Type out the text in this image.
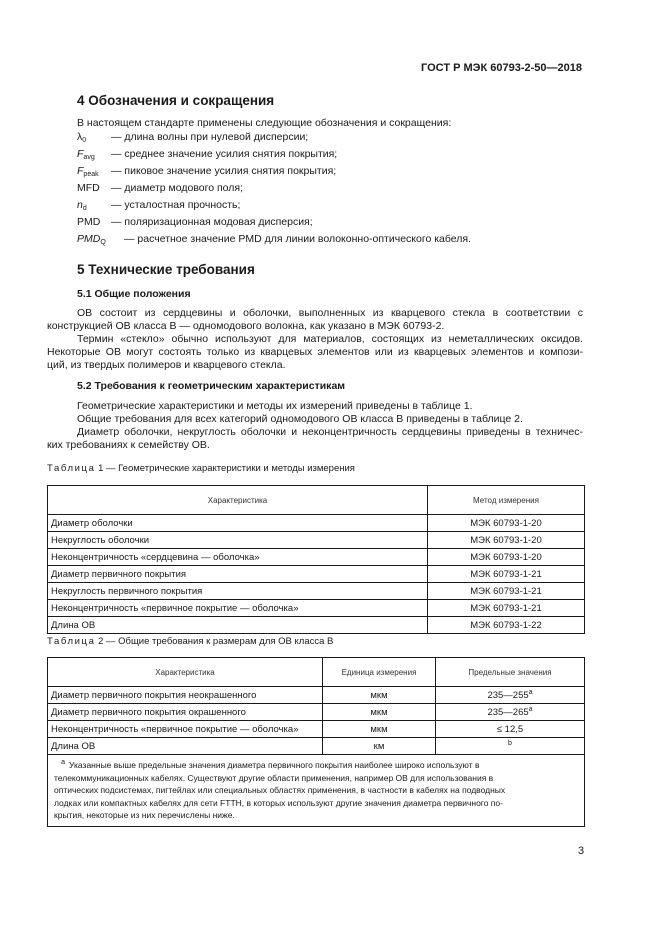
ГОСТ Р МЭК 60793-2-50—2018
4 Обозначения и сокращения
В настоящем стандарте применены следующие обозначения и сокращения:
$\lambda_0$ — длина волны при нулевой дисперсии;
$F_{avg}$ — среднее значение усилия снятия покрытия;
$F_{peak}$ — пиковое значение усилия снятия покрытия;
MFD — диаметр модового поля;
$n_d$ — усталостная прочность;
PMD — поляризационная модовая дисперсия;
$PMD_Q$ — расчетное значение PMD для линии волоконно-оптического кабеля.
5 Технические требования
5.1 Общие положения
ОВ состоит из сердцевины и оболочки, выполненных из кварцевого стекла в соответствии с
конструкцией ОВ класса В — одномодового волокна, как указано в МЭК 60793-2.
Термин «стекло» обычно используют для материалов, состоящих из неметаллических оксидов.
Некоторые ОВ могут состоять только из кварцевых элементов или из кварцевых элементов и компози-
ций, из твердых полимеров и кварцевого стекла.
5.2 Требования к геометрическим характеристикам
Геометрические характеристики и методы их измерений приведены в таблице 1.
Общие требования для всех категорий одномодового ОВ класса В приведены в таблице 2.
Диаметр оболочки, некруглость оболочки и неконцентричность сердцевины приведены в техничес-
ких требованиях к семейству ОВ.
Таблица 1 — Геометрические характеристики и методы измерения
Характеристика	Метод измерения
Диаметр оболочки	МЭК 60793-1-20
Некруглость оболочки	МЭК 60793-1-20
Неконцентричность «сердцевина — оболочка»	МЭК 60793-1-20
Диаметр первичного покрытия	МЭК 60793-1-21
Некруглость первичного покрытия	МЭК 60793-1-21
Неконцентричность «первичное покрытие — оболочка»	МЭК 60793-1-21
Длина ОВ	МЭК 60793-1-22
Таблица 2 — Общие требования к размерам для ОВ класса В
Характеристика	Единица измерения	Предельные значения
Диаметр первичного покрытия неокрашенного	мкм	235—255$^a$
Диаметр первичного покрытия окрашенного	мкм	235—265$^a$
Неконцентричность «первичное покрытие — оболочка»	мкм	≤ 12,5
Длина ОВ	км	$^b$
$^a$ Указанные выше предельные значения диаметра первичного покрытия наиболее широко используют в
телекоммуникационных кабелях. Существуют другие области применения, например ОВ для использования в
оптических подсистемах, пигтейлах или специальных областях применения, в частности в кабелях на подводных
лодках или компактных кабелях для сети FTTH, в которых используют другие значения диаметра первичного по-
крытия, некоторые из них перечислены ниже.		
3
